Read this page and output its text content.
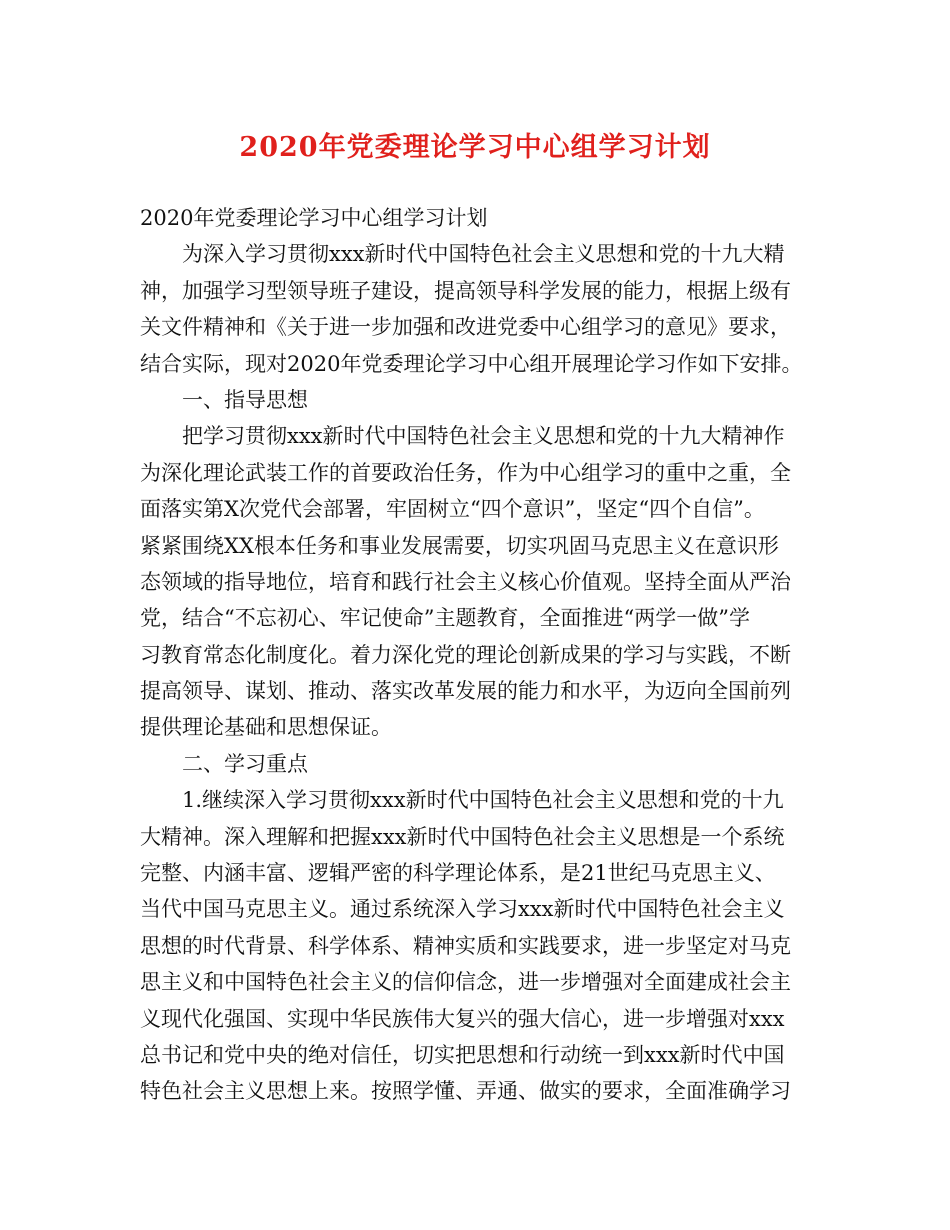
2020年党委理论学习中心组学习计划
2020年党委理论学习中心组学习计划
为深入学习贯彻xxx新时代中国特色社会主义思想和党的十九大精
神，加强学习型领导班子建设，提高领导科学发展的能力，根据上级有
关文件精神和《关于进一步加强和改进党委中心组学习的意见》要求，
结合实际，现对2020年党委理论学习中心组开展理论学习作如下安排。
一、指导思想
把学习贯彻xxx新时代中国特色社会主义思想和党的十九大精神作
为深化理论武装工作的首要政治任务，作为中心组学习的重中之重，全
面落实第X次党代会部署，牢固树立“四个意识”，坚定“四个自信”。
紧紧围绕XX根本任务和事业发展需要，切实巩固马克思主义在意识形
态领域的指导地位，培育和践行社会主义核心价值观。坚持全面从严治
党，结合“不忘初心、牢记使命”主题教育，全面推进“两学一做”学
习教育常态化制度化。着力深化党的理论创新成果的学习与实践，不断
提高领导、谋划、推动、落实改革发展的能力和水平，为迈向全国前列
提供理论基础和思想保证。
二、学习重点
1.继续深入学习贯彻xxx新时代中国特色社会主义思想和党的十九
大精神。深入理解和把握xxx新时代中国特色社会主义思想是一个系统
完整、内涵丰富、逻辑严密的科学理论体系，是21世纪马克思主义、
当代中国马克思主义。通过系统深入学习xxx新时代中国特色社会主义
思想的时代背景、科学体系、精神实质和实践要求，进一步坚定对马克
思主义和中国特色社会主义的信仰信念，进一步增强对全面建成社会主
义现代化强国、实现中华民族伟大复兴的强大信心，进一步增强对xxx
总书记和党中央的绝对信任，切实把思想和行动统一到xxx新时代中国
特色社会主义思想上来。按照学懂、弄通、做实的要求，全面准确学习
